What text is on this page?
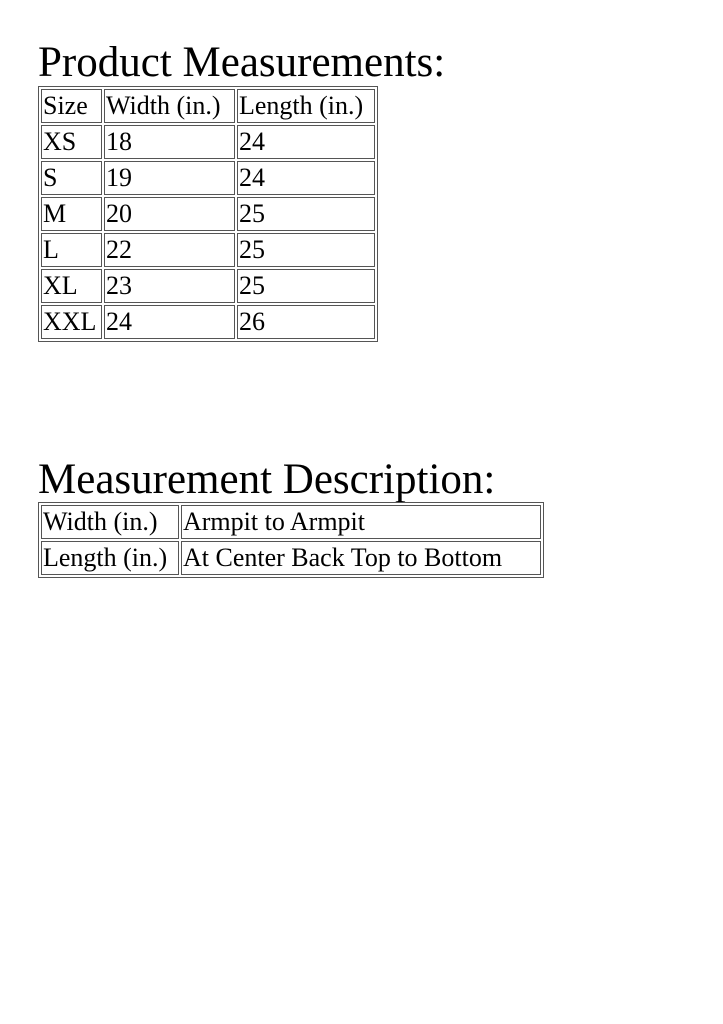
Product Measurements:
Size	Width (in.)	Length (in.)
XS	18	24
S	19	24
M	20	25
L	22	25
XL	23	25
XXL	24	26
Measurement Description:
Width (in.)	Armpit to Armpit
Length (in.)	At Center Back Top to Bottom
